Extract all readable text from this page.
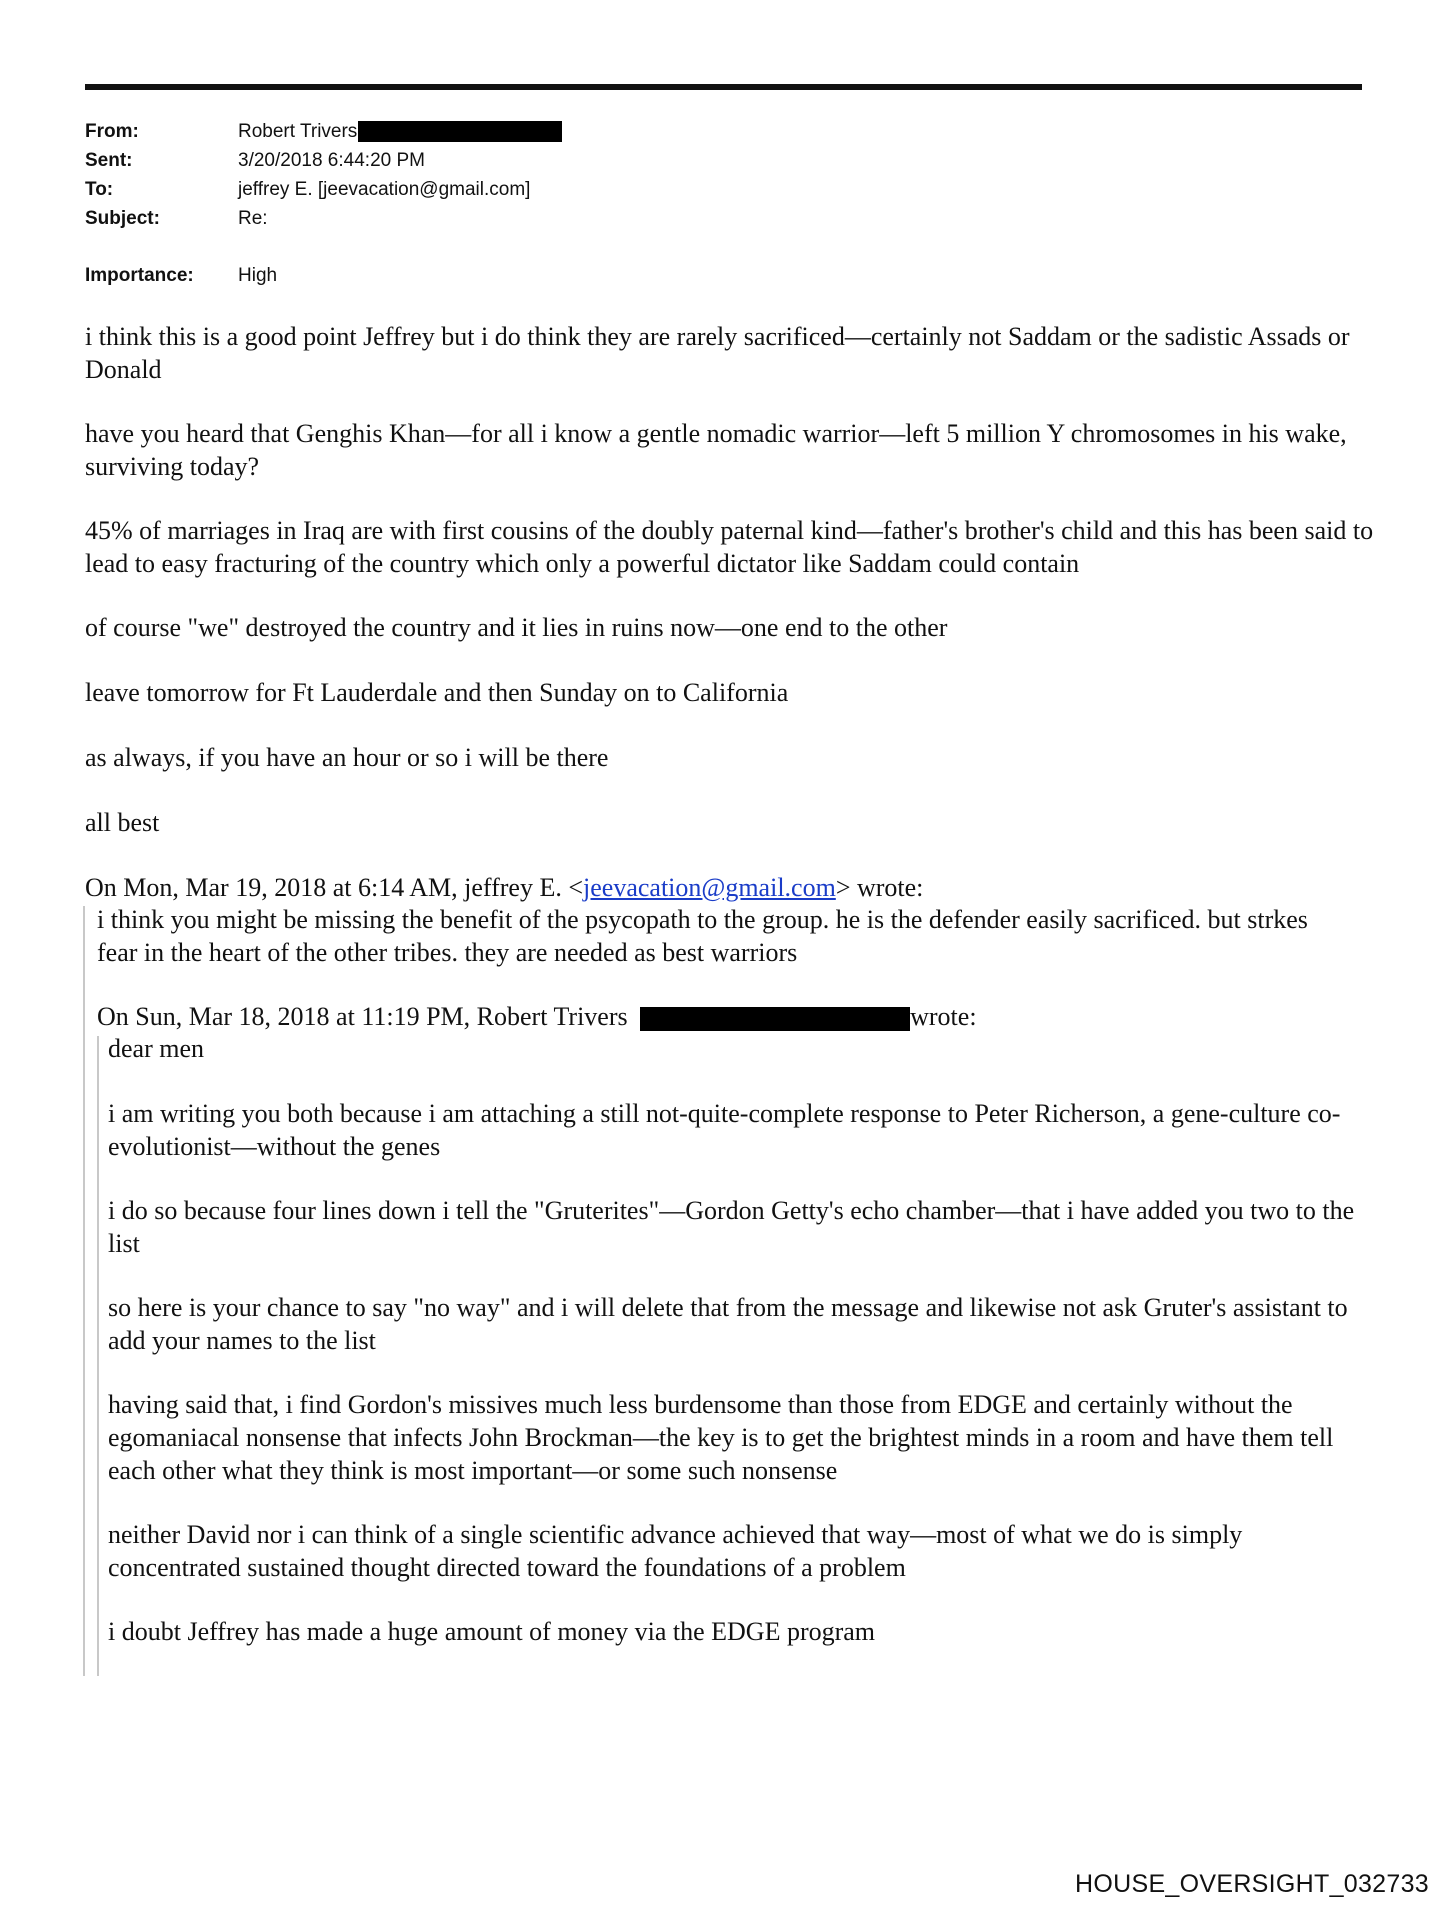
From:	Robert Trivers
Sent:	3/20/2018 6:44:20 PM
To:	jeffrey E. [jeevacation@gmail.com]
Subject:	Re:
Importance: High

i think this is a good point Jeffrey but i do think they are rarely sacrificed—certainly not Saddam or the sadistic Assads or Donald

have you heard that Genghis Khan—for all i know a gentle nomadic warrior—left 5 million Y chromosomes in his wake, surviving today?

45% of marriages in Iraq are with first cousins of the doubly paternal kind—father's brother's child and this has been said to lead to easy fracturing of the country which only a powerful dictator like Saddam could contain

of course "we" destroyed the country and it lies in ruins now—one end to the other

leave tomorrow for Ft Lauderdale and then Sunday on to California

as always, if you have an hour or so i will be there

all best

On Mon, Mar 19, 2018 at 6:14 AM, jeffrey E. <jeevacation@gmail.com> wrote:

i think you might be missing the benefit of the psycopath to the group. he is the defender easily sacrificed. but strkes fear in the heart of the other tribes. they are needed as best warriors

On Sun, Mar 18, 2018 at 11:19 PM, Robert Trivers	wrote:

dear men

i am writing you both because i am attaching a still not-quite-complete response to Peter Richerson, a gene-culture co-evolutionist—without the genes

i do so because four lines down i tell the "Gruterites"—Gordon Getty's echo chamber—that i have added you two to the list

so here is your chance to say "no way" and i will delete that from the message and likewise not ask Gruter's assistant to add your names to the list

having said that, i find Gordon's missives much less burdensome than those from EDGE and certainly without the egomaniacal nonsense that infects John Brockman—the key is to get the brightest minds in a room and have them tell each other what they think is most important—or some such nonsense

neither David nor i can think of a single scientific advance achieved that way—most of what we do is simply concentrated sustained thought directed toward the foundations of a problem

i doubt Jeffrey has made a huge amount of money via the EDGE program

HOUSE_OVERSIGHT_032733
